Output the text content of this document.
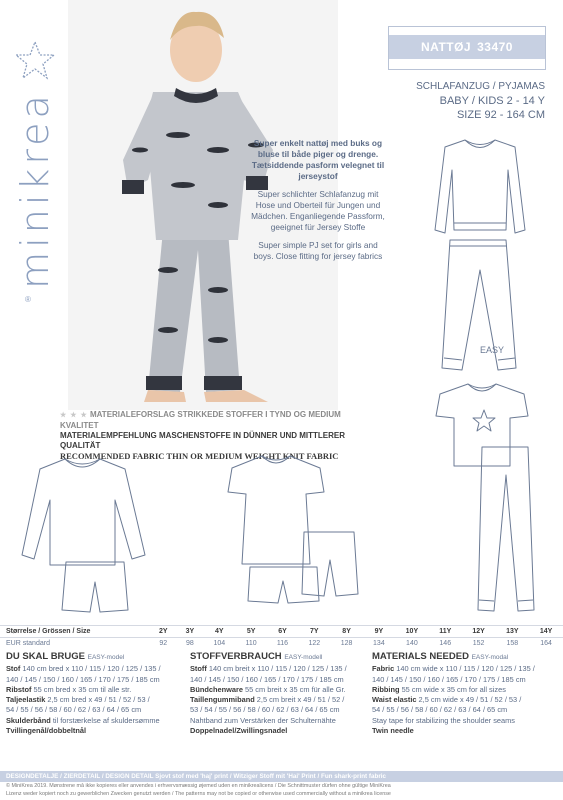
minikrea
®
NATTØJ 33470
SCHLAFANZUG / PYJAMAS
BABY / KIDS 2 - 14 Y
SIZE 92 - 164 CM

Super enkelt nattøj med buks og bluse til både piger og drenge. Tætsiddende pasform velegnet til jerseystof

Super schlichter Schlafanzug mit Hose und Oberteil für Jungen und Mädchen. Enganliegende Passform, geeignet für Jersey Stoffe

Super simple PJ set for girls and boys. Close fitting for jersey fabrics

★ ★ ★ MATERIALEFORSLAG STRIKKEDE STOFFER I TYND OG MEDIUM KVALITET
MATERIALEMPFEHLUNG MASCHENSTOFFE IN DÜNNER UND MITTLERER QUALITÄT
RECOMMENDED FABRIC THIN OR MEDIUM WEIGHT KNIT FABRIC
EASY
Størrelse / Grössen / Size	2Y	3Y	4Y	5Y	6Y	7Y	8Y	9Y	10Y	11Y	12Y	13Y	14Y
EUR standard	92	98	104	110	116	122	128	134	140	146	152	158	164
DU SKAL BRUGE EASY-model
Stof 140 cm bred x 110 / 115 / 120 / 125 / 135 /
140 / 145 / 150 / 160 / 165 / 170 / 175 / 185 cm
Ribstof 55 cm bred x 35 cm til alle str.
Taljeelastik 2,5 cm bred x 49 / 51 / 52 / 53 /
54 / 55 / 56 / 58 / 60 / 62 / 63 / 64 / 65 cm
Skulderbånd til forstærkelse af skuldersømme
Tvillingenål/dobbeltnål
STOFFVERBRAUCH EASY-modell
Stoff 140 cm breit x 110 / 115 / 120 / 125 / 135 /
140 / 145 / 150 / 160 / 165 / 170 / 175 / 185 cm
Bündchenware 55 cm breit x 35 cm für alle Gr.
Taillengummiband 2,5 cm breit x 49 / 51 / 52 /
53 / 54 / 55 / 56 / 58 / 60 / 62 / 63 / 64 / 65 cm
Nahtband zum Verstärken der Schulternähte
Doppelnadel/Zwillingsnadel
MATERIALS NEEDED EASY-modal
Fabric 140 cm wide x 110 / 115 / 120 / 125 / 135 /
140 / 145 / 150 / 160 / 165 / 170 / 175 / 185 cm
Ribbing 55 cm wide x 35 cm for all sizes
Waist elastic 2,5 cm wide x 49 / 51 / 52 / 53 /
54 / 55 / 56 / 58 / 60 / 62 / 63 / 64 / 65 cm
Stay tape for stabilizing the shoulder seams
Twin needle
DESIGNDETALJE / ZIERDETAIL / DESIGN DETAIL Sjovt stof med 'haj' print / Witziger Stoff mit 'Hai' Print / Fun shark-print fabric
© MiniKrea 2019. Mønstrene må ikke kopieres eller anvendes i erhvervsmæssig øjemed uden en minikrealicens / Die Schnittmuster dürfen ohne gültige MiniKrea
Lizenz weder kopiert noch zu gewerblichen Zwecken genutzt werden / The patterns may not be copied or otherwise used commercially without a minikrea license
